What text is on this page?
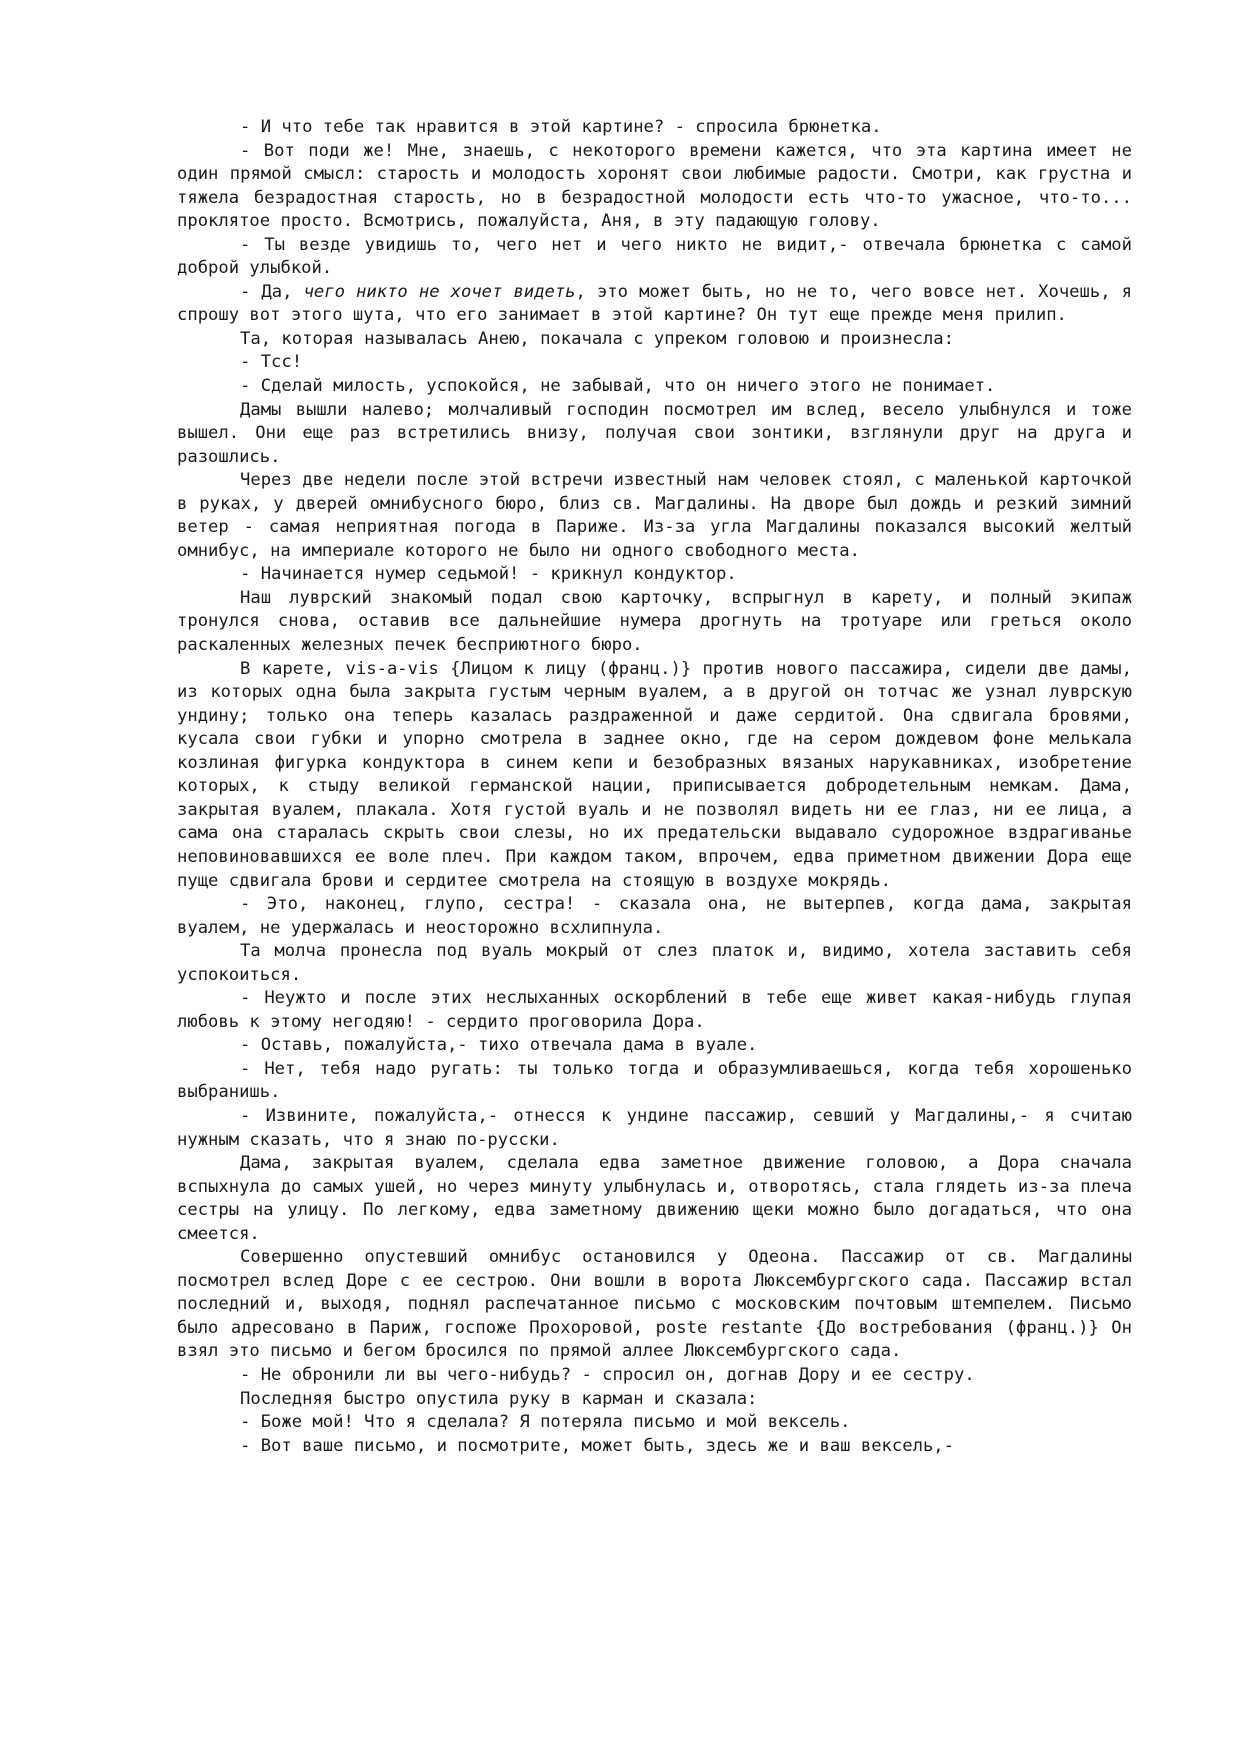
- И что тебе так нравится в этой картине? - спросила брюнетка.

- Вот поди же! Мне, знаешь, с некоторого времени кажется, что эта картина имеет не один прямой смысл: старость и молодость хоронят свои любимые радости. Смотри, как грустна и тяжела безрадостная старость, но в безрадостной молодости есть что-то ужасное, что-то... проклятое просто. Всмотрись, пожалуйста, Аня, в эту падающую голову.

- Ты везде увидишь то, чего нет и чего никто не видит,- отвечала брюнетка с самой доброй улыбкой.

- Да, чего никто не хочет видеть, это может быть, но не то, чего вовсе нет. Хочешь, я спрошу вот этого шута, что его занимает в этой картине? Он тут еще прежде меня прилип.

Та, которая называлась Анею, покачала с упреком головою и произнесла:

- Тсс!

- Сделай милость, успокойся, не забывай, что он ничего этого не понимает.

Дамы вышли налево; молчаливый господин посмотрел им вслед, весело улыбнулся и тоже вышел. Они еще раз встретились внизу, получая свои зонтики, взглянули друг на друга и разошлись.

Через две недели после этой встречи известный нам человек стоял, с маленькой карточкой в руках, у дверей омнибусного бюро, близ св. Магдалины. На дворе был дождь и резкий зимний ветер - самая неприятная погода в Париже. Из-за угла Магдалины показался высокий желтый омнибус, на империале которого не было ни одного свободного места.

- Начинается нумер седьмой! - крикнул кондуктор.

Наш луврский знакомый подал свою карточку, вспрыгнул в карету, и полный экипаж тронулся снова, оставив все дальнейшие нумера дрогнуть на тротуаре или греться около раскаленных железных печек бесприютного бюро.

В карете, vis-a-vis {Лицом к лицу (франц.)} против нового пассажира, сидели две дамы, из которых одна была закрыта густым черным вуалем, а в другой он тотчас же узнал луврскую ундину; только она теперь казалась раздраженной и даже сердитой. Она сдвигала бровями, кусала свои губки и упорно смотрела в заднее окно, где на сером дождевом фоне мелькала козлиная фигурка кондуктора в синем кепи и безобразных вязаных нарукавниках, изобретение которых, к стыду великой германской нации, приписывается добродетельным немкам. Дама, закрытая вуалем, плакала. Хотя густой вуаль и не позволял видеть ни ее глаз, ни ее лица, а сама она старалась скрыть свои слезы, но их предательски выдавало судорожное вздрагиванье неповиновавшихся ее воле плеч. При каждом таком, впрочем, едва приметном движении Дора еще пуще сдвигала брови и сердитее смотрела на стоящую в воздухе мокрядь.

- Это, наконец, глупо, сестра! - сказала она, не вытерпев, когда дама, закрытая вуалем, не удержалась и неосторожно всхлипнула.

Та молча пронесла под вуаль мокрый от слез платок и, видимо, хотела заставить себя успокоиться.

- Неужто и после этих неслыханных оскорблений в тебе еще живет какая-нибудь глупая любовь к этому негодяю! - сердито проговорила Дора.

- Оставь, пожалуйста,- тихо отвечала дама в вуале.

- Нет, тебя надо ругать: ты только тогда и образумливаешься, когда тебя хорошенько выбранишь.

- Извините, пожалуйста,- отнесся к ундине пассажир, севший у Магдалины,- я считаю нужным сказать, что я знаю по-русски.

Дама, закрытая вуалем, сделала едва заметное движение головою, а Дора сначала вспыхнула до самых ушей, но через минуту улыбнулась и, отворотясь, стала глядеть из-за плеча сестры на улицу. По легкому, едва заметному движению щеки можно было догадаться, что она смеется.

Совершенно опустевший омнибус остановился у Одеона. Пассажир от св. Магдалины посмотрел вслед Доре с ее сестрою. Они вошли в ворота Люксембургского сада. Пассажир встал последний и, выходя, поднял распечатанное письмо с московским почтовым штемпелем. Письмо было адресовано в Париж, госпоже Прохоровой, poste restante {До востребования (франц.)} Он взял это письмо и бегом бросился по прямой аллее Люксембургского сада.

- Не обронили ли вы чего-нибудь? - спросил он, догнав Дору и ее сестру.

Последняя быстро опустила руку в карман и сказала:

- Боже мой! Что я сделала? Я потеряла письмо и мой вексель.

- Вот ваше письмо, и посмотрите, может быть, здесь же и ваш вексель,-
